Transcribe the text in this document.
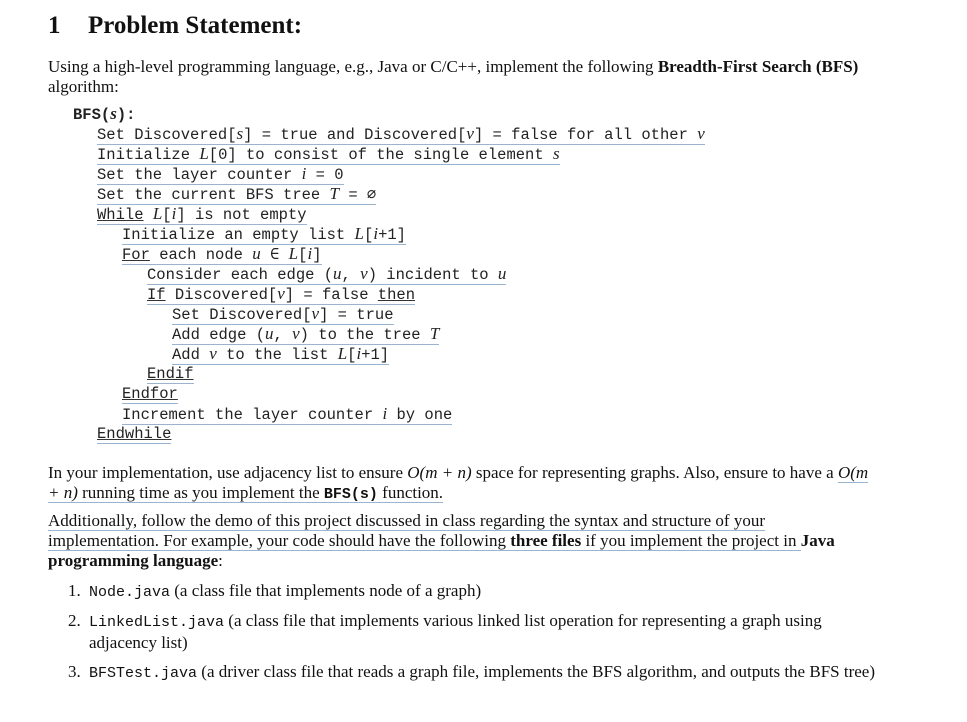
1 Problem Statement:
Using a high-level programming language, e.g., Java or C/C++, implement the following Breadth-First Search (BFS) algorithm:
BFS(s):
Set Discovered[s] = true and Discovered[v] = false for all other v
Initialize L[0] to consist of the single element s
Set the layer counter i = 0
Set the current BFS tree T = ∅
While L[i] is not empty
Initialize an empty list L[i+1]
For each node u ∈ L[i]
Consider each edge (u, v) incident to u
If Discovered[v] = false then
Set Discovered[v] = true
Add edge (u, v) to the tree T
Add v to the list L[i+1]
Endif
Endfor
Increment the layer counter i by one
Endwhile
In your implementation, use adjacency list to ensure O(m + n) space for representing graphs. Also, ensure to have a O(m + n) running time as you implement the BFS(s) function.
Additionally, follow the demo of this project discussed in class regarding the syntax and structure of your implementation. For example, your code should have the following three files if you implement the project in Java programming language:
1. Node.java (a class file that implements node of a graph)
2. LinkedList.java (a class file that implements various linked list operation for representing a graph using adjacency list)
3. BFSTest.java (a driver class file that reads a graph file, implements the BFS algorithm, and outputs the BFS tree)
